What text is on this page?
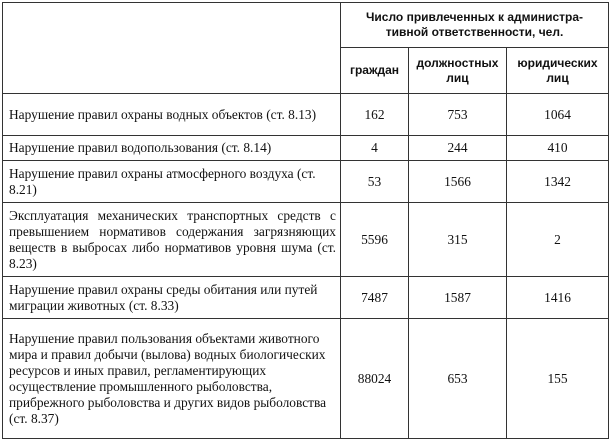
	Число привлеченных к администра-тивной ответственности, чел.		
	граждан	должностных лиц	юридических лиц
Нарушение правил охраны водных объектов (ст. 8.13)	162	753	1064
Нарушение правил водопользования (ст. 8.14)	4	244	410
Нарушение правил охраны атмосферного воздуха (ст. 8.21)	53	1566	1342
Эксплуатация механических транспортных средств с превышением нормативов содержания загрязняющих веществ в выбросах либо нормативов уровня шума (ст. 8.23)	5596	315	2
Нарушение правил охраны среды обитания или путей миграции животных (ст. 8.33)	7487	1587	1416
Нарушение правил пользования объектами животного мира и правил добычи (вылова) водных биологических ресурсов и иных правил, регламентирующих осуществление промышленного рыболовства, прибрежного рыболовства и других видов рыболовства (ст. 8.37)	88024	653	155
